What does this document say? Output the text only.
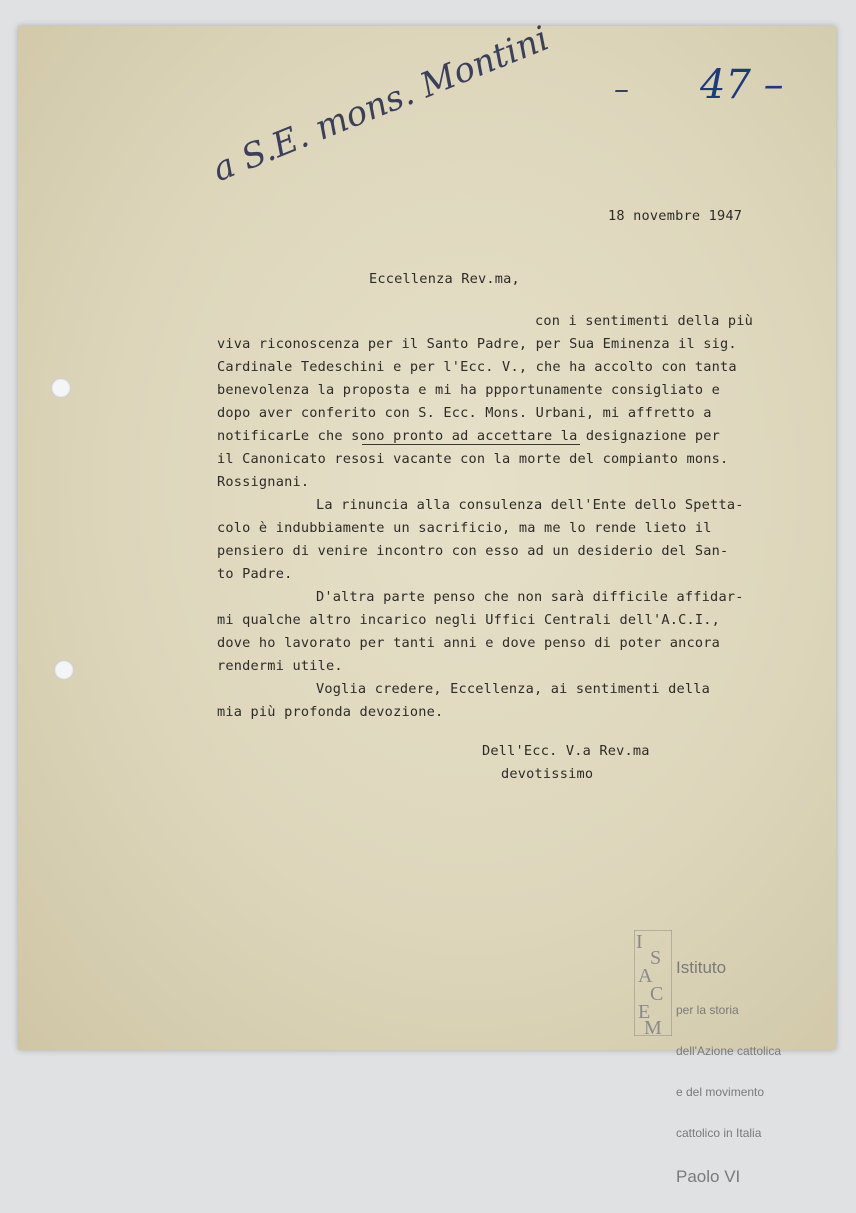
a S.E. mons. Montini – 47 –
18 novembre 1947
Eccellenza Rev.ma,
con i sentimenti della più
viva riconoscenza per il Santo Padre, per Sua Eminenza il sig.
Cardinale Tedeschini e per l'Ecc. V., che ha accolto con tanta
benevolenza la proposta e mi ha ppportunamente consigliato e
dopo aver conferito con S. Ecc. Mons. Urbani, mi affretto a
notificarLe che sono pronto ad accettare la designazione per
il Canonicato resosi vacante con la morte del compianto mons.
Rossignani.
La rinuncia alla consulenza dell'Ente dello Spetta-
colo è indubbiamente un sacrificio, ma me lo rende lieto il
pensiero di venire incontro con esso ad un desiderio del San-
to Padre.
D'altra parte penso che non sarà difficile affidar-
mi qualche altro incarico negli Uffici Centrali dell'A.C.I.,
dove ho lavorato per tanti anni e dove penso di poter ancora
rendermi utile.
Voglia credere, Eccellenza, ai sentimenti della
mia più profonda devozione.
Dell'Ecc. V.a Rev.ma
devotissimo
I
S
A
C
E
M

Istituto

per la storia

dell'Azione cattolica

e del movimento

cattolico in Italia

Paolo VI
